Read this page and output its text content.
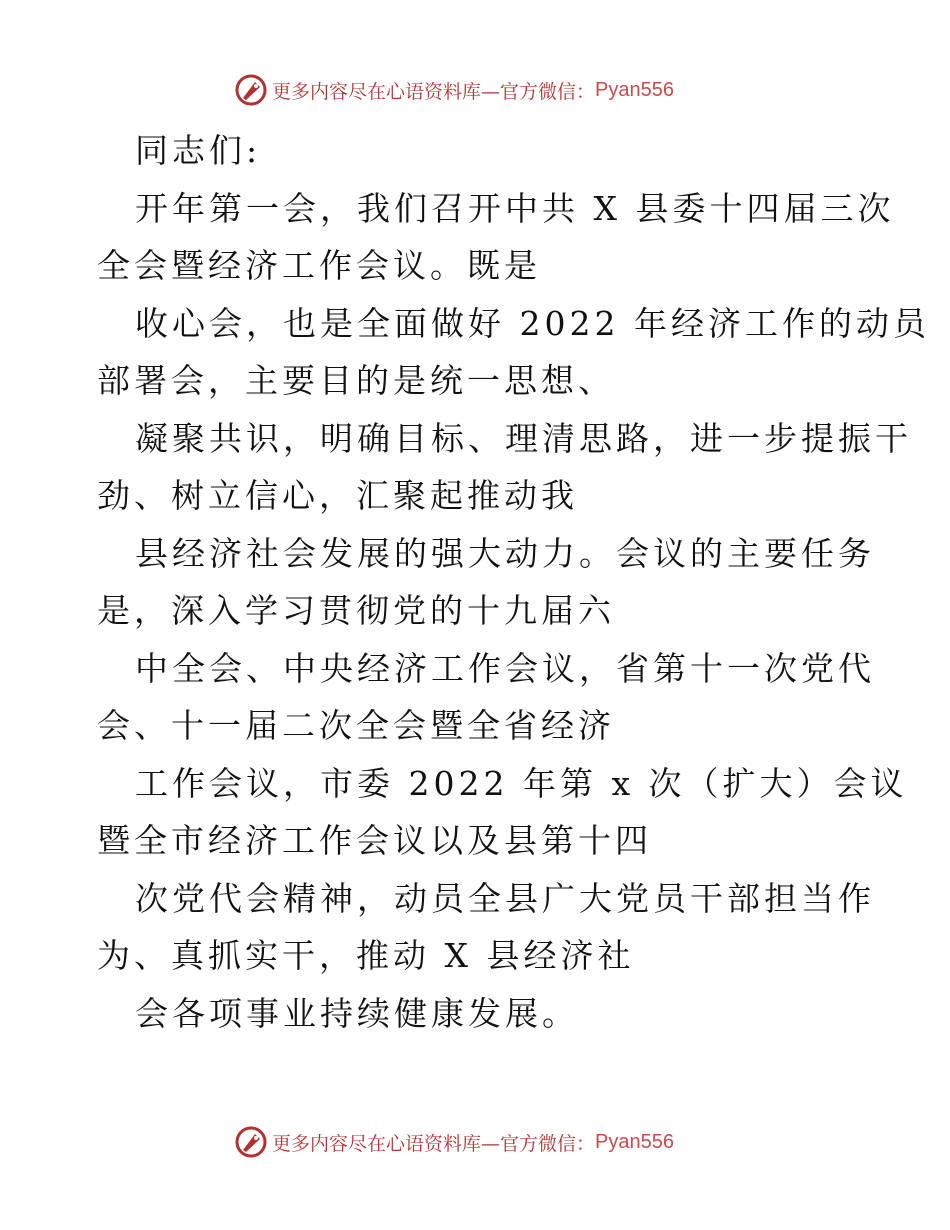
更多内容尽在心语资料库—官方微信： Pyan556
同志们:
开年第一会，我们召开中共 X 县委十四届三次
全会暨经济工作会议。既是
收心会，也是全面做好 2022 年经济工作的动员
部署会，主要目的是统一思想、
凝聚共识，明确目标、理清思路，进一步提振干
劲、树立信心，汇聚起推动我
县经济社会发展的强大动力。会议的主要任务
是，深入学习贯彻党的十九届六
中全会、中央经济工作会议，省第十一次党代
会、十一届二次全会暨全省经济
工作会议，市委 2022 年第 x 次（扩大）会议
暨全市经济工作会议以及县第十四
次党代会精神，动员全县广大党员干部担当作
为、真抓实干，推动 X 县经济社
会各项事业持续健康发展。
更多内容尽在心语资料库—官方微信： Pyan556
